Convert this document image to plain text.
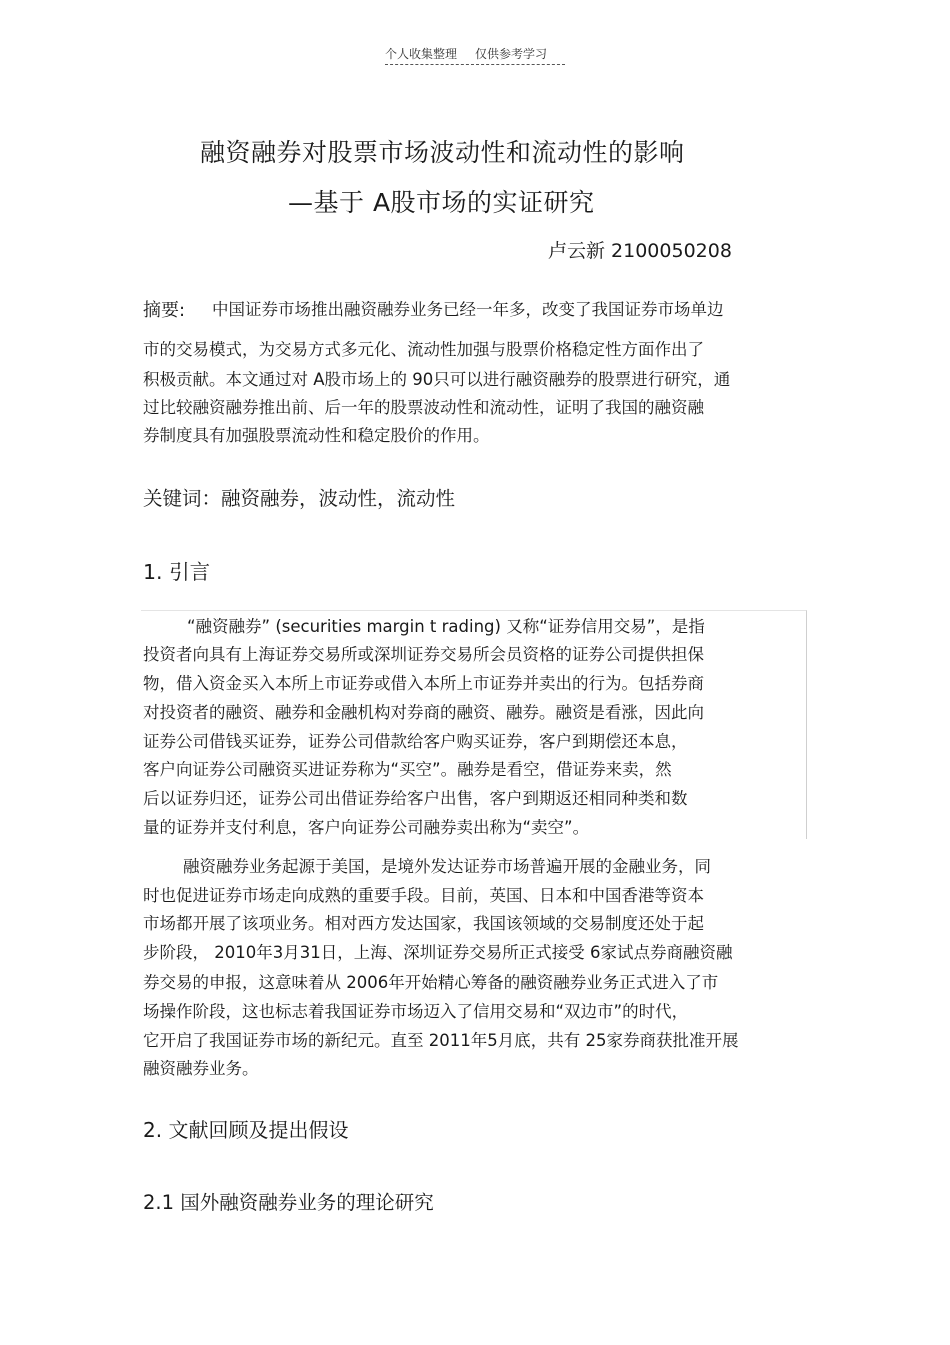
个人收集整理 仅供参考学习
融资融券对股票市场波动性和流动性的影响
—基于 A股市场的实证研究
卢云新 2100050208
摘要: 中国证券市场推出融资融券业务已经一年多，改变了我国证券市场单边
市的交易模式，为交易方式多元化、流动性加强与股票价格稳定性方面作出了
积极贡献。本文通过对 A股市场上的 90只可以进行融资融券的股票进行研究，通
过比较融资融券推出前、后一年的股票波动性和流动性，证明了我国的融资融
券制度具有加强股票流动性和稳定股价的作用。
关键词：融资融券，波动性，流动性
1. 引言
“融资融券” (securities margin t rading) 又称“证券信用交易”，是指
投资者向具有上海证券交易所或深圳证券交易所会员资格的证券公司提供担保
物，借入资金买入本所上市证券或借入本所上市证券并卖出的行为。包括券商
对投资者的融资、融券和金融机构对券商的融资、融券。融资是看涨，因此向
证券公司借钱买证券，证券公司借款给客户购买证券，客户到期偿还本息，
客户向证券公司融资买进证券称为“买空”。融券是看空，借证券来卖，然
后以证券归还，证券公司出借证券给客户出售，客户到期返还相同种类和数
量的证券并支付利息，客户向证券公司融券卖出称为“卖空”。
融资融券业务起源于美国，是境外发达证券市场普遍开展的金融业务，同
时也促进证券市场走向成熟的重要手段。目前，英国、日本和中国香港等资本
市场都开展了该项业务。相对西方发达国家，我国该领域的交易制度还处于起
步阶段， 2010年3月31日，上海、深圳证券交易所正式接受 6家试点券商融资融
券交易的申报，这意味着从 2006年开始精心筹备的融资融券业务正式进入了市
场操作阶段，这也标志着我国证券市场迈入了信用交易和“双边市”的时代，
它开启了我国证券市场的新纪元。直至 2011年5月底，共有 25家券商获批准开展
融资融券业务。
2. 文献回顾及提出假设
2.1 国外融资融券业务的理论研究
